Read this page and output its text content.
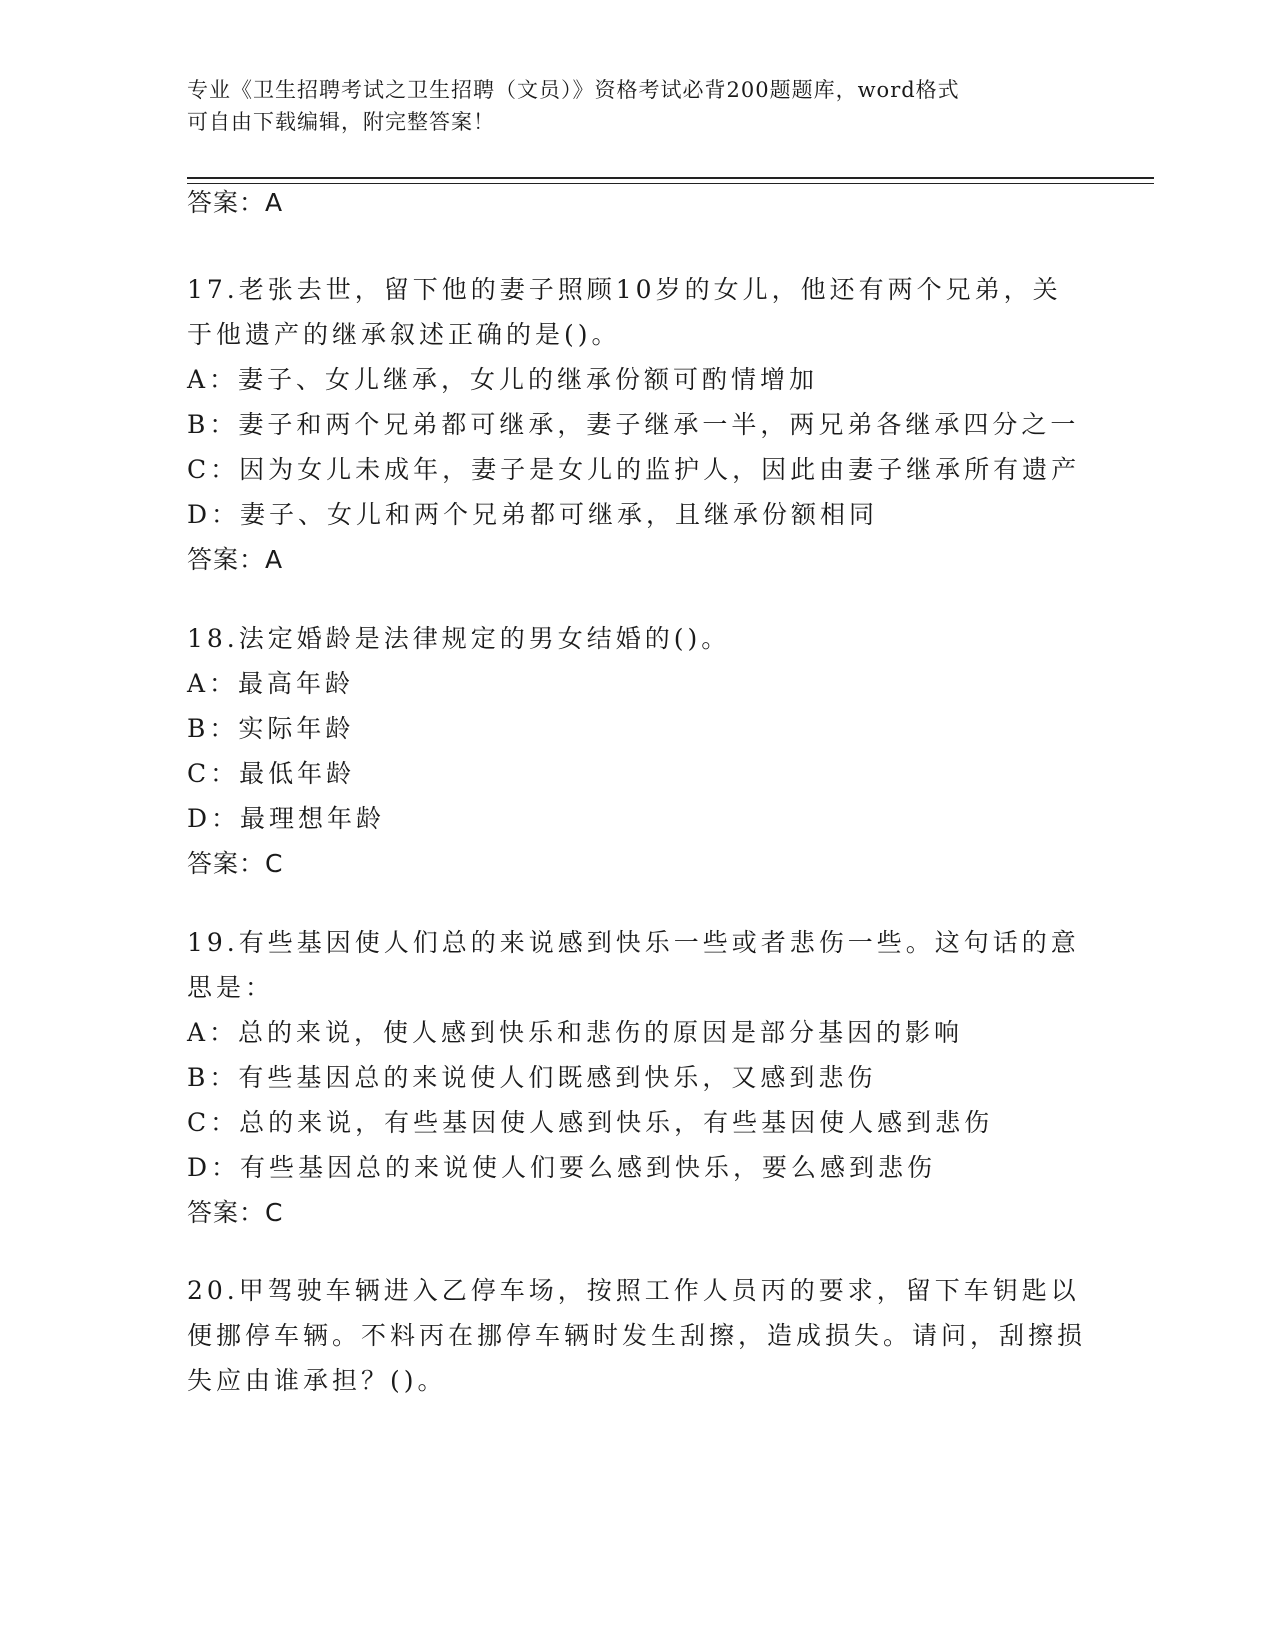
专业《卫生招聘考试之卫生招聘（文员）》资格考试必背200题题库，word格式
可自由下载编辑，附完整答案！
答案：A
17.老张去世，留下他的妻子照顾10岁的女儿，他还有两个兄弟，关于他遗产的继承叙述正确的是()。
A：妻子、女儿继承，女儿的继承份额可酌情增加
B：妻子和两个兄弟都可继承，妻子继承一半，两兄弟各继承四分之一
C：因为女儿未成年，妻子是女儿的监护人，因此由妻子继承所有遗产
D：妻子、女儿和两个兄弟都可继承，且继承份额相同
答案：A
18.法定婚龄是法律规定的男女结婚的()。
A：最高年龄
B：实际年龄
C：最低年龄
D：最理想年龄
答案：C
19.有些基因使人们总的来说感到快乐一些或者悲伤一些。这句话的意思是：
A：总的来说，使人感到快乐和悲伤的原因是部分基因的影响
B：有些基因总的来说使人们既感到快乐，又感到悲伤
C：总的来说，有些基因使人感到快乐，有些基因使人感到悲伤
D：有些基因总的来说使人们要么感到快乐，要么感到悲伤
答案：C
20.甲驾驶车辆进入乙停车场，按照工作人员丙的要求，留下车钥匙以便挪停车辆。不料丙在挪停车辆时发生刮擦，造成损失。请问，刮擦损失应由谁承担？()。
